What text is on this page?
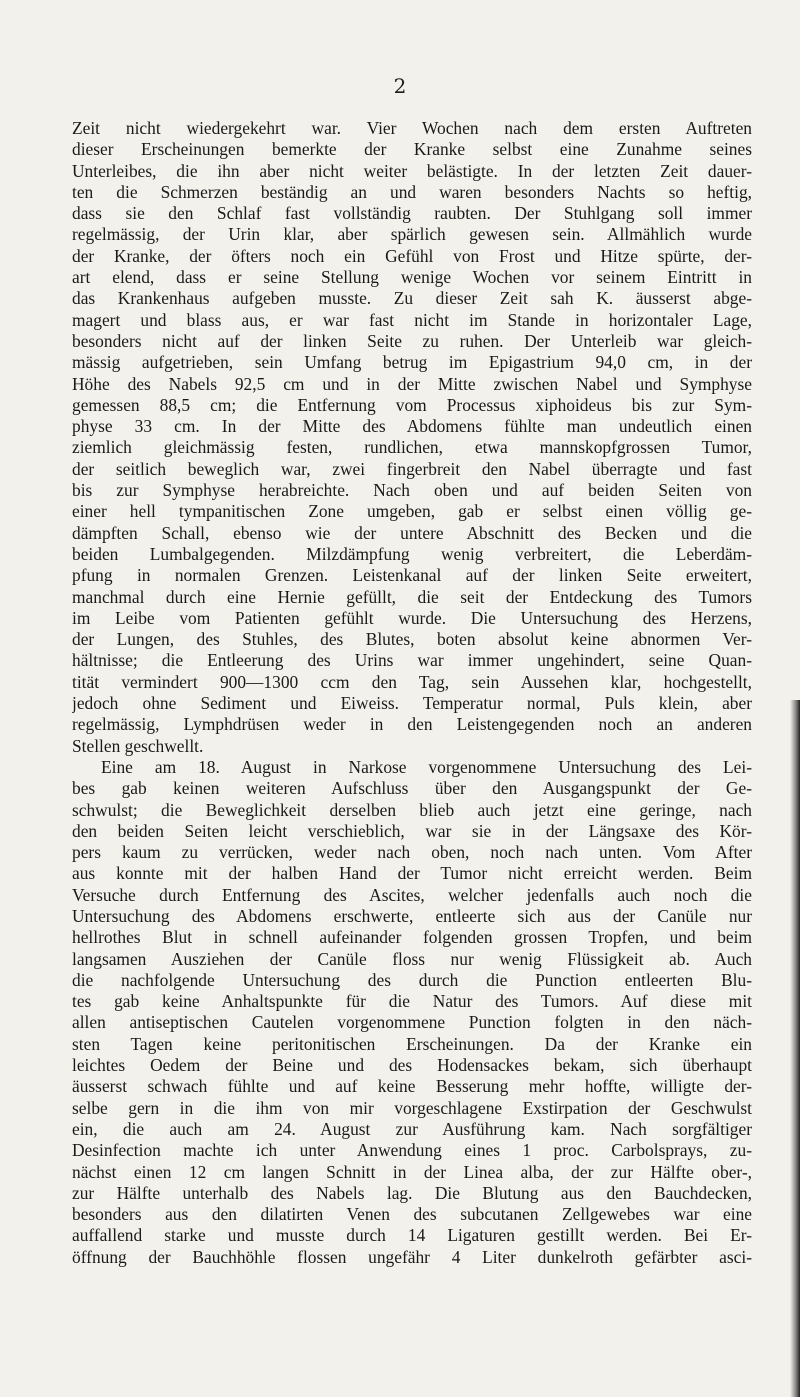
2
Zeit nicht wiedergekehrt war. Vier Wochen nach dem ersten Auftreten
dieser Erscheinungen bemerkte der Kranke selbst eine Zunahme seines
Unterleibes, die ihn aber nicht weiter belästigte. In der letzten Zeit dauer-
ten die Schmerzen beständig an und waren besonders Nachts so heftig,
dass sie den Schlaf fast vollständig raubten. Der Stuhlgang soll immer
regelmässig, der Urin klar, aber spärlich gewesen sein. Allmählich wurde
der Kranke, der öfters noch ein Gefühl von Frost und Hitze spürte, der-
art elend, dass er seine Stellung wenige Wochen vor seinem Eintritt in
das Krankenhaus aufgeben musste. Zu dieser Zeit sah K. äusserst abge-
magert und blass aus, er war fast nicht im Stande in horizontaler Lage,
besonders nicht auf der linken Seite zu ruhen. Der Unterleib war gleich-
mässig aufgetrieben, sein Umfang betrug im Epigastrium 94,0 cm, in der
Höhe des Nabels 92,5 cm und in der Mitte zwischen Nabel und Symphyse
gemessen 88,5 cm; die Entfernung vom Processus xiphoideus bis zur Sym-
physe 33 cm. In der Mitte des Abdomens fühlte man undeutlich einen
ziemlich gleichmässig festen, rundlichen, etwa mannskopfgrossen Tumor,
der seitlich beweglich war, zwei fingerbreit den Nabel überragte und fast
bis zur Symphyse herabreichte. Nach oben und auf beiden Seiten von
einer hell tympanitischen Zone umgeben, gab er selbst einen völlig ge-
dämpften Schall, ebenso wie der untere Abschnitt des Becken und die
beiden Lumbalgegenden. Milzdämpfung wenig verbreitert, die Leberdäm-
pfung in normalen Grenzen. Leistenkanal auf der linken Seite erweitert,
manchmal durch eine Hernie gefüllt, die seit der Entdeckung des Tumors
im Leibe vom Patienten gefühlt wurde. Die Untersuchung des Herzens,
der Lungen, des Stuhles, des Blutes, boten absolut keine abnormen Ver-
hältnisse; die Entleerung des Urins war immer ungehindert, seine Quan-
tität vermindert 900—1300 ccm den Tag, sein Aussehen klar, hochgestellt,
jedoch ohne Sediment und Eiweiss. Temperatur normal, Puls klein, aber
regelmässig, Lymphdrüsen weder in den Leistengegenden noch an anderen
Stellen geschwellt.
Eine am 18. August in Narkose vorgenommene Untersuchung des Lei-
bes gab keinen weiteren Aufschluss über den Ausgangspunkt der Ge-
schwulst; die Beweglichkeit derselben blieb auch jetzt eine geringe, nach
den beiden Seiten leicht verschieblich, war sie in der Längsaxe des Kör-
pers kaum zu verrücken, weder nach oben, noch nach unten. Vom After
aus konnte mit der halben Hand der Tumor nicht erreicht werden. Beim
Versuche durch Entfernung des Ascites, welcher jedenfalls auch noch die
Untersuchung des Abdomens erschwerte, entleerte sich aus der Canüle nur
hellrothes Blut in schnell aufeinander folgenden grossen Tropfen, und beim
langsamen Ausziehen der Canüle floss nur wenig Flüssigkeit ab. Auch
die nachfolgende Untersuchung des durch die Punction entleerten Blu-
tes gab keine Anhaltspunkte für die Natur des Tumors. Auf diese mit
allen antiseptischen Cautelen vorgenommene Punction folgten in den näch-
sten Tagen keine peritonitischen Erscheinungen. Da der Kranke ein
leichtes Oedem der Beine und des Hodensackes bekam, sich überhaupt
äusserst schwach fühlte und auf keine Besserung mehr hoffte, willigte der-
selbe gern in die ihm von mir vorgeschlagene Exstirpation der Geschwulst
ein, die auch am 24. August zur Ausführung kam. Nach sorgfältiger
Desinfection machte ich unter Anwendung eines 1 proc. Carbolsprays, zu-
nächst einen 12 cm langen Schnitt in der Linea alba, der zur Hälfte ober-,
zur Hälfte unterhalb des Nabels lag. Die Blutung aus den Bauchdecken,
besonders aus den dilatirten Venen des subcutanen Zellgewebes war eine
auffallend starke und musste durch 14 Ligaturen gestillt werden. Bei Er-
öffnung der Bauchhöhle flossen ungefähr 4 Liter dunkelroth gefärbter asci-
